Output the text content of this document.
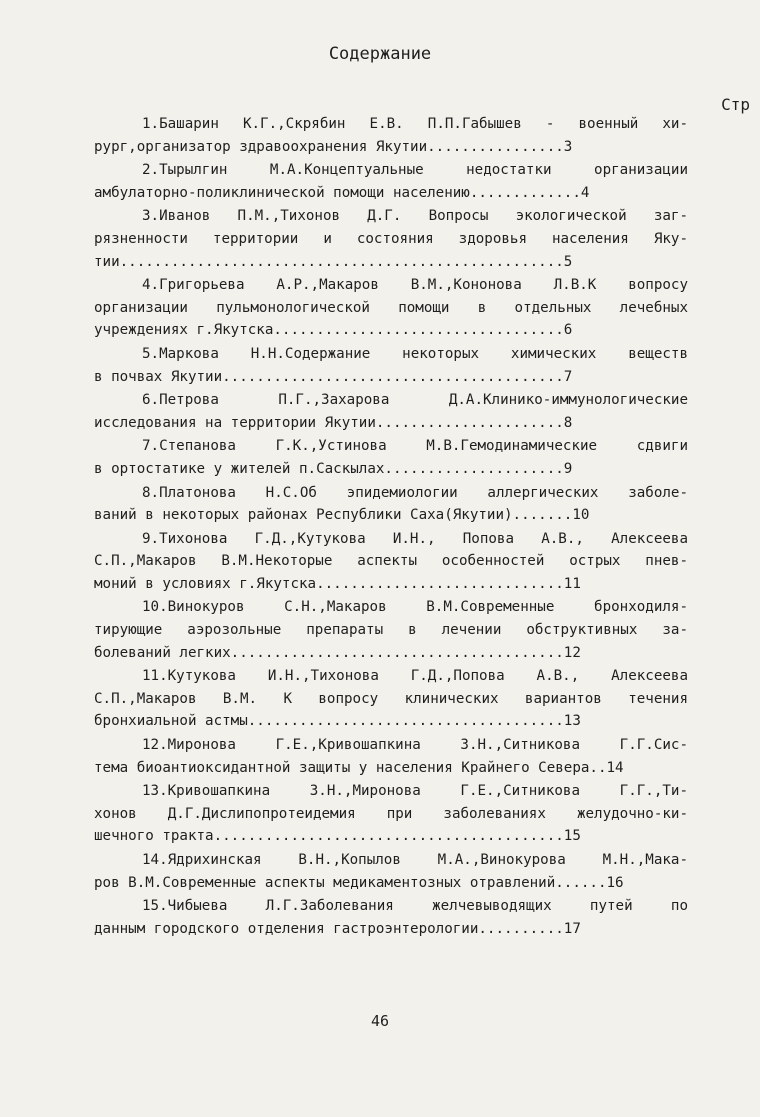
Содержание
Стр
1.Башарин К.Г.,Скрябин Е.В. П.П.Габышев - военный хи-
рург,организатор здравоохранения Якутии................3
2.Тырылгин М.А.Концептуальные недостатки организации
амбулаторно-поликлинической помощи населению.............4
3.Иванов П.М.,Тихонов Д.Г. Вопросы экологической заг-
рязненности территории и состояния здоровья населения Яку-
тии....................................................5
4.Григорьева А.Р.,Макаров В.М.,Кононова Л.В.К вопросу
организации пульмонологической помощи в отдельных лечебных
учреждениях г.Якутска..................................6
5.Маркова Н.Н.Содержание некоторых химических веществ
в почвах Якутии........................................7
6.Петрова П.Г.,Захарова Д.А.Клинико-иммунологические
исследования на территории Якутии......................8
7.Степанова Г.К.,Устинова М.В.Гемодинамические сдвиги
в ортостатике у жителей п.Саскылах.....................9
8.Платонова Н.С.Об эпидемиологии аллергических заболе-
ваний в некоторых районах Республики Саха(Якутии).......10
9.Тихонова Г.Д.,Кутукова И.Н., Попова А.В., Алексеева
С.П.,Макаров В.М.Некоторые аспекты особенностей острых пнев-
моний в условиях г.Якутска.............................11
10.Винокуров С.Н.,Макаров В.М.Современные бронходиля-
тирующие аэрозольные препараты в лечении обструктивных за-
болеваний легких.......................................12
11.Кутукова И.Н.,Тихонова Г.Д.,Попова А.В., Алексеева
С.П.,Макаров В.М. К вопросу клинических вариантов течения
бронхиальной астмы.....................................13
12.Миронова Г.Е.,Кривошапкина З.Н.,Ситникова Г.Г.Сис-
тема биоантиоксидантной защиты у населения Крайнего Севера..14
13.Кривошапкина З.Н.,Миронова Г.Е.,Ситникова Г.Г.,Ти-
хонов Д.Г.Дислипопротеидемия при заболеваниях желудочно-ки-
шечного тракта.........................................15
14.Ядрихинская В.Н.,Копылов М.А.,Винокурова М.Н.,Мака-
ров В.М.Современные аспекты медикаментозных отравлений......16
15.Чибыева Л.Г.Заболевания желчевыводящих путей по
данным городского отделения гастроэнтерологии..........17
46
